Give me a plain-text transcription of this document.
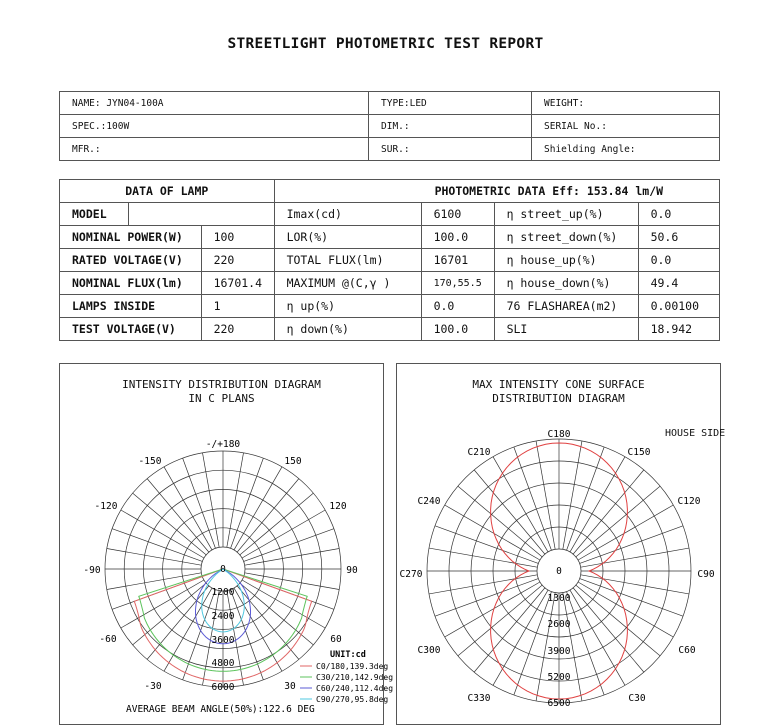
STREETLIGHT PHOTOMETRIC TEST REPORT
NAME: JYN04-100A	TYPE:LED	WEIGHT:
SPEC.:100W	DIM.:	SERIAL No.:
MFR.:	SUR.:	Shielding Angle:
DATA OF LAMP			PHOTOMETRIC DATA Eff: 153.84 lm/W			
MODEL			Imax(cd)	6100	η street_up(%)	0.0
NOMINAL POWER(W)		100	LOR(%)	100.0	η street_down(%)	50.6
RATED VOLTAGE(V)		220	TOTAL FLUX(lm)	16701	η house_up(%)	0.0
NOMINAL FLUX(lm)		16701.4	MAXIMUM @(C,γ )	170,55.5	η house_down(%)	49.4
LAMPS INSIDE		1	η up(%)	0.0	76 FLASHAREA(m2)	0.00100
TEST VOLTAGE(V)		220	η down(%)	100.0	SLI	18.942
INTENSITY DISTRIBUTION DIAGRAM
IN C PLANS
-/+180
150
120
90
60
30
-150
-120
-90
-60
-30
0
1200
2400
3600
4800
6000
UNIT:cd
C0/180,139.3deg
C30/210,142.9deg
C60/240,112.4deg
C90/270,95.8deg
AVERAGE BEAM ANGLE(50%):122.6 DEG
MAX INTENSITY CONE SURFACE
DISTRIBUTION DIAGRAM
C180
C150
C120
C90
C60
C30
C210
C240
C270
C300
C330
0
1300
2600
3900
5200
6500
HOUSE SIDE
